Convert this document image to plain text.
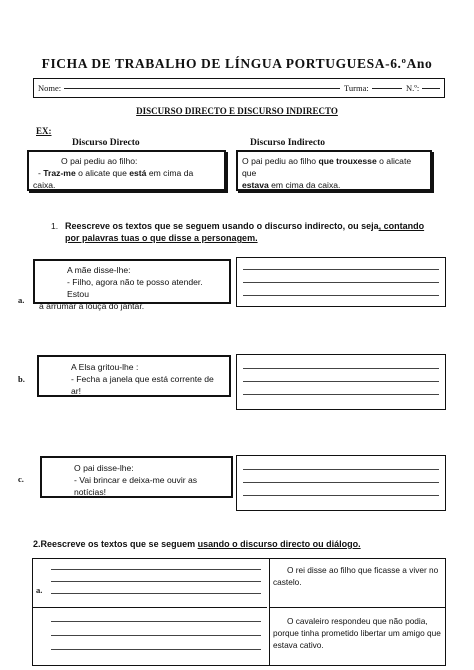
FICHA DE TRABALHO DE LÍNGUA PORTUGUESA-6.ºAno
Nome:	Turma:	N.º:
DISCURSO DIRECTO E DISCURSO INDIRECTO
EX:
Discurso Directo	Discurso Indirecto
O pai pediu ao filho:
- Traz-me o alicate que está em cima da
caixa.
O pai pediu ao filho que trouxesse o alicate que
estava em cima da caixa.
1. Reescreve os textos que se seguem usando o discurso indirecto, ou seja, contando
por palavras tuas o que disse a personagem.
a.
A mãe disse-lhe:
- Filho, agora não te posso atender. Estou
a arrumar a louça do jantar.
b.
A Elsa gritou-lhe :
- Fecha a janela que está corrente de ar!
c.
O pai disse-lhe:
- Vai brincar e deixa-me ouvir as notícias!
2.Reescreve os textos que se seguem usando o discurso directo ou diálogo.
a.
O rei disse ao filho que ficasse a viver no castelo.
O cavaleiro respondeu que não podia, porque tinha prometido libertar um amigo que estava cativo.
